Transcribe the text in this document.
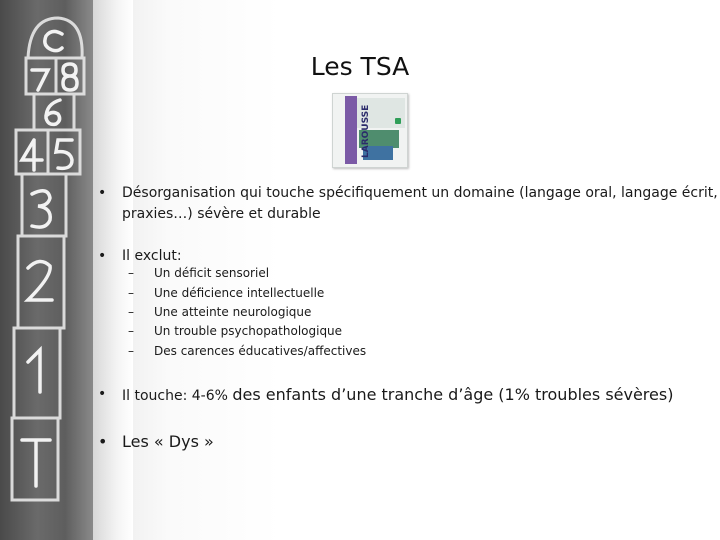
Les TSA
LAROUSSE
•	Désorganisation qui touche spécifiquement un domaine (langage oral, langage écrit,
praxies…) sévère et durable
•	Il exclut:
– Un déficit sensoriel
– Une déficience intellectuelle
– Une atteinte neurologique
– Un trouble psychopathologique
– Des carences éducatives/affectives
•	Il touche: 4-6% des enfants d’une tranche d’âge (1% troubles sévères)
• Les « Dys »
